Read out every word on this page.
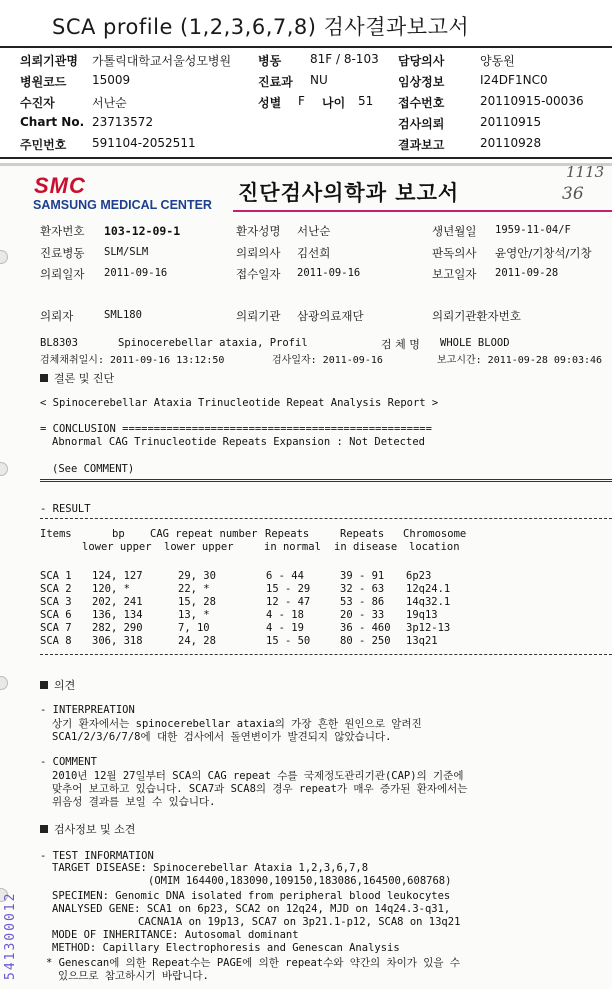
SCA profile (1,2,3,6,7,8) 검사결과보고서
의뢰기관명 가톨릭대학교서울성모병원 병동 81F / 8-103 담당의사	양동원
병원코드 15009	진료과 NU	임상정보	I24DF1NC0
수진자	서난순	성별 F 나이 51 접수번호	20110915-00036
Chart No. 23713572	검사의뢰	20110915
주민번호 591104-2052511	결과보고	20110928
SMC
SAMSUNG MEDICAL CENTER 진단검사의학과 보고서
1113
36
환자번호 103-12-09-1	환자성명 서난순	생년월일 1959-11-04/F
진료병동 SLM/SLM	의뢰의사 김선희	판독의사 윤영안/기창석/기창
의뢰일자 2011-09-16	접수일자 2011-09-16	보고일자 2011-09-28
의뢰자	SML180	의뢰기관 삼광의료재단	의뢰기관환자번호
BL8303	Spinocerebellar ataxia, Profil	검 체 명 WHOLE BLOOD
검체채취일시: 2011-09-16 13:12:50	검사일자: 2011-09-16	보고시간: 2011-09-28 09:03:46
결론 및 진단
< Spinocerebellar Ataxia Trinucleotide Repeat Analysis Report >
= CONCLUSION =================================================
Abnormal CAG Trinucleotide Repeats Expansion : Not Detected
(See COMMENT)
- RESULT
Items	bp CAG repeat number Repeats	Repeats Chromosome
lower upper lower upper	in normal in disease location
SCA 1 124, 127	29, 30	6 - 44	39 - 91 6p23
SCA 2 120, *	22, *	15 - 29	32 - 63 12q24.1
SCA 3 202, 241	15, 28	12 - 47	53 - 86 14q32.1
SCA 6 136, 134	13, *	4 - 18	20 - 33 19q13
SCA 7 282, 290	7, 10	4 - 19	36 - 460 3p12-13
SCA 8 306, 318	24, 28	15 - 50	80 - 250 13q21
의견
- INTERPREATION
상기 환자에서는 spinocerebellar ataxia의 가장 흔한 원인으로 알려진
SCA1/2/3/6/7/8에 대한 검사에서 돌연변이가 발견되지 않았습니다.
- COMMENT
2010년 12월 27일부터 SCA의 CAG repeat 수를 국제정도관리기관(CAP)의 기준에
맞추어 보고하고 있습니다. SCA7과 SCA8의 경우 repeat가 매우 증가된 환자에서는
위음성 결과를 보일 수 있습니다.
검사정보 및 소견
- TEST INFORMATION
TARGET DISEASE: Spinocerebellar Ataxia 1,2,3,6,7,8
(OMIM 164400,183090,109150,183086,164500,608768)
SPECIMEN: Genomic DNA isolated from peripheral blood leukocytes
ANALYSED GENE: SCA1 on 6p23, SCA2 on 12q24, MJD on 14q24.3-q31,
CACNA1A on 19p13, SCA7 on 3p21.1-p12, SCA8 on 13q21
MODE OF INHERITANCE: Autosomal dominant
METHOD: Capillary Electrophoresis and Genescan Analysis
* Genescan에 의한 Repeat수는 PAGE에 의한 repeat수와 약간의 차이가 있을 수
있으므로 참고하시기 바랍니다.
541300012
